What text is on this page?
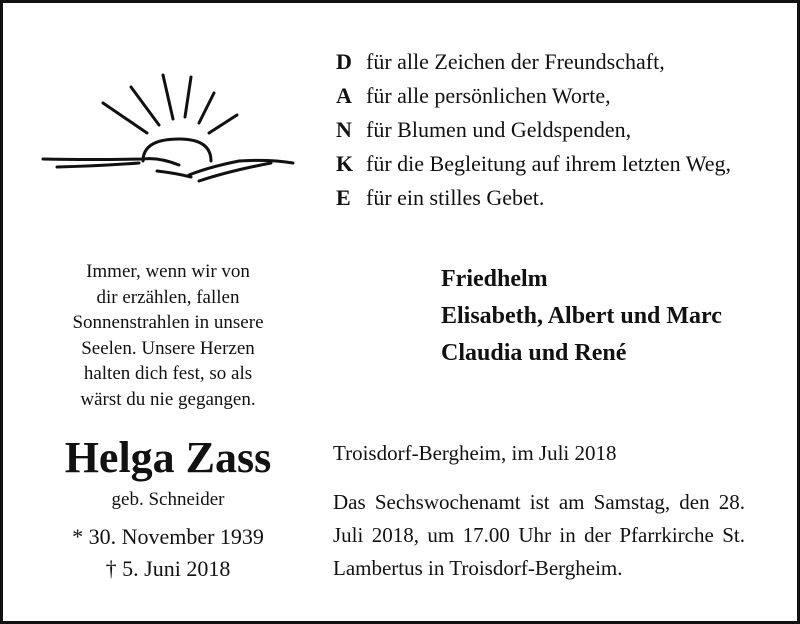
D für alle Zeichen der Freundschaft,
A für alle persönlichen Worte,
N für Blumen und Geldspenden,
K für die Begleitung auf ihrem letzten Weg,
E für ein stilles Gebet.
Immer, wenn wir von
dir erzählen, fallen
Sonnenstrahlen in unsere
Seelen. Unsere Herzen
halten dich fest, so als
wärst du nie gegangen.
Friedhelm
Elisabeth, Albert und Marc
Claudia und René
Helga Zass
geb. Schneider
* 30. November 1939
† 5. Juni 2018
Troisdorf-Bergheim, im Juli 2018
Das Sechswochenamt ist am Samstag, den 28. Juli 2018, um 17.00 Uhr in der Pfarrkirche St. Lambertus in Troisdorf-Bergheim.
